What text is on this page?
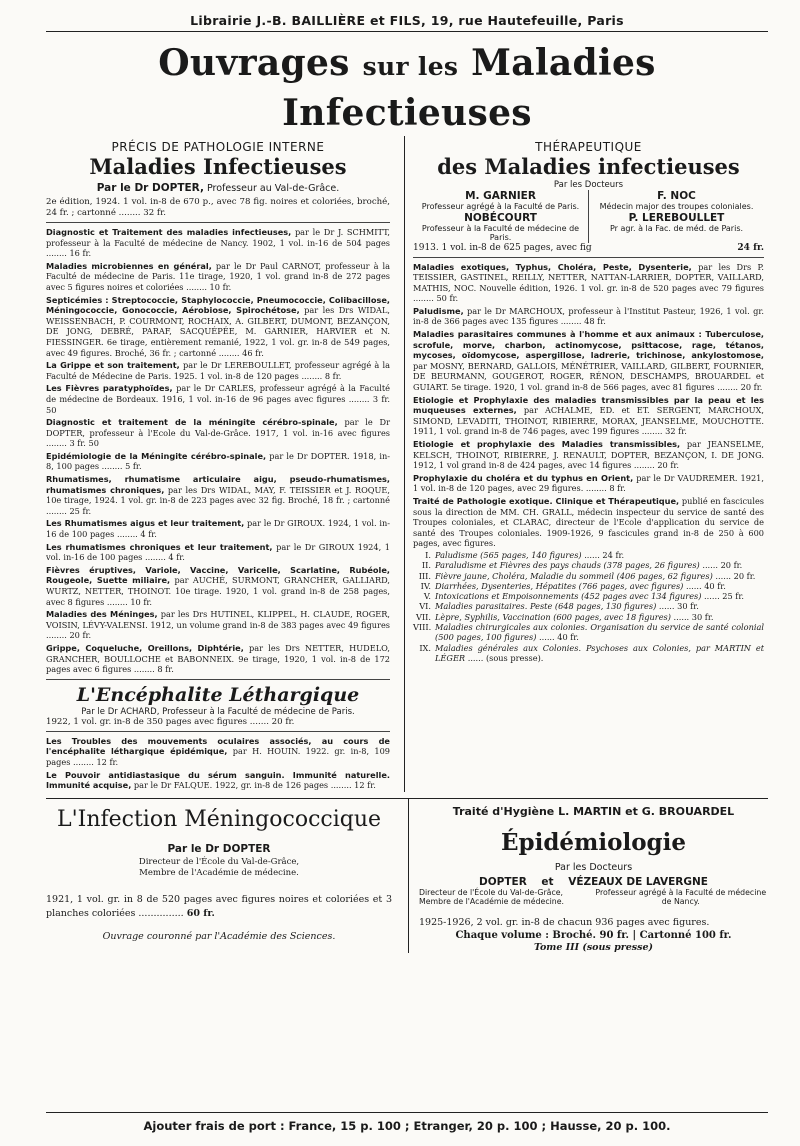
Librairie J.-B. BAILLIÈRE et FILS, 19, rue Hautefeuille, Paris
Ouvrages sur les Maladies Infectieuses
PRÉCIS DE PATHOLOGIE INTERNE
Maladies Infectieuses
Par le Dr DOPTER, Professeur au Val-de-Grâce.
2e édition, 1924. 1 vol. in-8 de 670 p., avec 78 fig. noires et coloriées, broché, 24 fr. ; cartonné ........ 32 fr.
Diagnostic et Traitement des maladies infectieuses, par le Dr J. SCHMITT, professeur à la Faculté de médecine de Nancy. 1902, 1 vol. in-16 de 504 pages ........ 16 fr.
Maladies microbiennes en général, par le Dr Paul CARNOT, professeur à la Faculté de médecine de Paris. 11e tirage, 1920, 1 vol. grand in-8 de 272 pages avec 5 figures noires et coloriées ........ 10 fr.
Septicémies : Streptococcie, Staphylococcie, Pneumococcie, Colibacillose, Méningococcie, Gonococcie, Aérobiose, Spirochétose, par les Drs WIDAL, WEISSENBACH, P. COURMONT, ROCHAIX, A. GILBERT, DUMONT, BEZANÇON, DE JONG, DEBRÉ, PARAF, SACQUÉPÉE, M. GARNIER, HARVIER et N. FIESSINGER. 6e tirage, entièrement remanié, 1922, 1 vol. gr. in-8 de 549 pages, avec 49 figures. Broché, 36 fr. ; cartonné ........ 46 fr.
La Grippe et son traitement, par le Dr LEREBOULLET, professeur agrégé à la Faculté de Médecine de Paris. 1925. 1 vol. in-8 de 120 pages ........ 8 fr.
Les Fièvres paratyphoïdes, par le Dr CARLES, professeur agrégé à la Faculté de médecine de Bordeaux. 1916, 1 vol. in-16 de 96 pages avec figures ........ 3 fr. 50
Diagnostic et traitement de la méningite cérébro-spinale, par le Dr DOPTER, professeur à l'Ecole du Val-de-Grâce. 1917, 1 vol. in-16 avec figures ........ 3 fr. 50
Epidémiologie de la Méningite cérébro-spinale, par le Dr DOPTER. 1918, in-8, 100 pages ........ 5 fr.
Rhumatismes, rhumatisme articulaire aigu, pseudo-rhumatismes, rhumatismes chroniques, par les Drs WIDAL, MAY, F. TEISSIER et J. ROQUE, 10e tirage, 1924. 1 vol. gr. in-8 de 223 pages avec 32 fig. Broché, 18 fr. ; cartonné ........ 25 fr.
Les Rhumatismes aigus et leur traitement, par le Dr GIROUX. 1924, 1 vol. in-16 de 100 pages ........ 4 fr.
Les rhumatismes chroniques et leur traitement, par le Dr GIROUX 1924, 1 vol. in-16 de 100 pages ........ 4 fr.
Fièvres éruptives, Variole, Vaccine, Varicelle, Scarlatine, Rubéole, Rougeole, Suette miliaire, par AUCHÉ, SURMONT, GRANCHER, GALLIARD, WURTZ, NETTER, THOINOT. 10e tirage. 1920, 1 vol. grand in-8 de 258 pages, avec 8 figures ........ 10 fr.
Maladies des Méninges, par les Drs HUTINEL, KLIPPEL, H. CLAUDE, ROGER, VOISIN, LÉVY-VALENSI. 1912, un volume grand in-8 de 383 pages avec 49 figures ........ 20 fr.
Grippe, Coqueluche, Oreillons, Diphtérie, par les Drs NETTER, HUDELO, GRANCHER, BOULLOCHE et BABONNEIX. 9e tirage, 1920, 1 vol. in-8 de 172 pages avec 6 figures ........ 8 fr.
L'Encéphalite Léthargique
Par le Dr ACHARD, Professeur à la Faculté de médecine de Paris.
1922, 1 vol. gr. in-8 de 350 pages avec figures ....... 20 fr.
Les Troubles des mouvements oculaires associés, au cours de l'encéphalite léthargique épidémique, par H. HOUIN. 1922. gr. in-8, 109 pages ........ 12 fr.
Le Pouvoir antidiastasique du sérum sanguin. Immunité naturelle. Immunité acquise, par le Dr FALQUE. 1922, gr. in-8 de 126 pages ........ 12 fr.
THÉRAPEUTIQUE
des Maladies infectieuses
Par les Docteurs
M. GARNIER
Professeur agrégé à la Faculté de Paris.
NOBÉCOURT
Professeur à la Faculté de médecine de Paris.
F. NOC
Médecin major des troupes coloniales.
P. LEREBOULLET
Pr agr. à la Fac. de méd. de Paris.
1913. 1 vol. in-8 de 625 pages, avec fig	24 fr.
Maladies exotiques, Typhus, Choléra, Peste, Dysenterie, par les Drs P. TEISSIER, GASTINEL, REILLY, NETTER, NATTAN-LARRIER, DOPTER, VAILLARD, MATHIS, NOC. Nouvelle édition, 1926. 1 vol. gr. in-8 de 520 pages avec 79 figures ........ 50 fr.
Paludisme, par le Dr MARCHOUX, professeur à l'Institut Pasteur, 1926, 1 vol. gr. in-8 de 366 pages avec 135 figures ........ 48 fr.
Maladies parasitaires communes à l'homme et aux animaux : Tuberculose, scrofule, morve, charbon, actinomycose, psittacose, rage, tétanos, mycoses, oïdomycose, aspergillose, ladrerie, trichinose, ankylostomose, par MOSNY, BERNARD, GALLOIS, MÉNÉTRIER, VAILLARD, GILBERT, FOURNIER, DE BEURMANN, GOUGEROT, ROGER, RÉNON, DESCHAMPS, BROUARDEL et GUIART. 5e tirage. 1920, 1 vol. grand in-8 de 566 pages, avec 81 figures ........ 20 fr.
Etiologie et Prophylaxie des maladies transmissibles par la peau et les muqueuses externes, par ACHALME, ED. et ET. SERGENT, MARCHOUX, SIMOND, LEVADITI, THOINOT, RIBIERRE, MORAX, JEANSELME, MOUCHOTTE. 1911, 1 vol. grand in-8 de 746 pages, avec 199 figures ........ 32 fr.
Etiologie et prophylaxie des Maladies transmissibles, par JEANSELME, KELSCH, THOINOT, RIBIERRE, J. RENAULT, DOPTER, BEZANÇON, I. DE JONG. 1912, 1 vol grand in-8 de 424 pages, avec 14 figures ........ 20 fr.
Prophylaxie du choléra et du typhus en Orient, par le Dr VAUDREMER. 1921, 1 vol. in-8 de 120 pages, avec 29 figures. ........ 8 fr.
Traité de Pathologie exotique. Clinique et Thérapeutique, publié en fascicules sous la direction de MM. CH. GRALL, médecin inspecteur du service de santé des Troupes coloniales, et CLARAC, directeur de l'Ecole d'application du service de santé des Troupes coloniales. 1909-1926, 9 fascicules grand in-8 de 250 à 600 pages, avec figures.
I. Paludisme (565 pages, 140 figures) ...... 24 fr.
II. Paraludisme et Fièvres des pays chauds (378 pages, 26 figures) ...... 20 fr.
III. Fièvre jaune, Choléra, Maladie du sommeil (406 pages, 62 figures) ...... 20 fr.
IV. Diarrhées, Dysenteries, Hépatites (766 pages, avec figures) ...... 40 fr.
V. Intoxications et Empoisonnements (452 pages avec 134 figures) ...... 25 fr.
VI. Maladies parasitaires. Peste (648 pages, 130 figures) ...... 30 fr.
VII. Lèpre, Syphilis, Vaccination (600 pages, avec 18 figures) ...... 30 fr.
VIII. Maladies chirurgicales aux colonies. Organisation du service de santé colonial (500 pages, 100 figures) ...... 40 fr.
IX. Maladies générales aux Colonies. Psychoses aux Colonies, par MARTIN et LÉGER ...... (sous presse).
L'Infection Méningococcique
Par le Dr DOPTER
Directeur de l'École du Val-de-Grâce,
Membre de l'Académie de médecine.
1921, 1 vol. gr. in 8 de 520 pages avec figures noires et coloriées et 3 planches coloriées ............... 60 fr.
Ouvrage couronné par l'Académie des Sciences.
Traité d'Hygiène L. MARTIN et G. BROUARDEL
Épidémiologie
Par les Docteurs
DOPTER et VÉZEAUX DE LAVERGNE
Directeur de l'École du Val-de-Grâce, Membre de l'Académie de médecine.
Professeur agrégé à la Faculté de médecine de Nancy.
1925-1926, 2 vol. gr. in-8 de chacun 936 pages avec figures.
Chaque volume : Broché. 90 fr. | Cartonné 100 fr.
Tome III (sous presse)
Ajouter frais de port : France, 15 p. 100 ; Etranger, 20 p. 100 ; Hausse, 20 p. 100.
